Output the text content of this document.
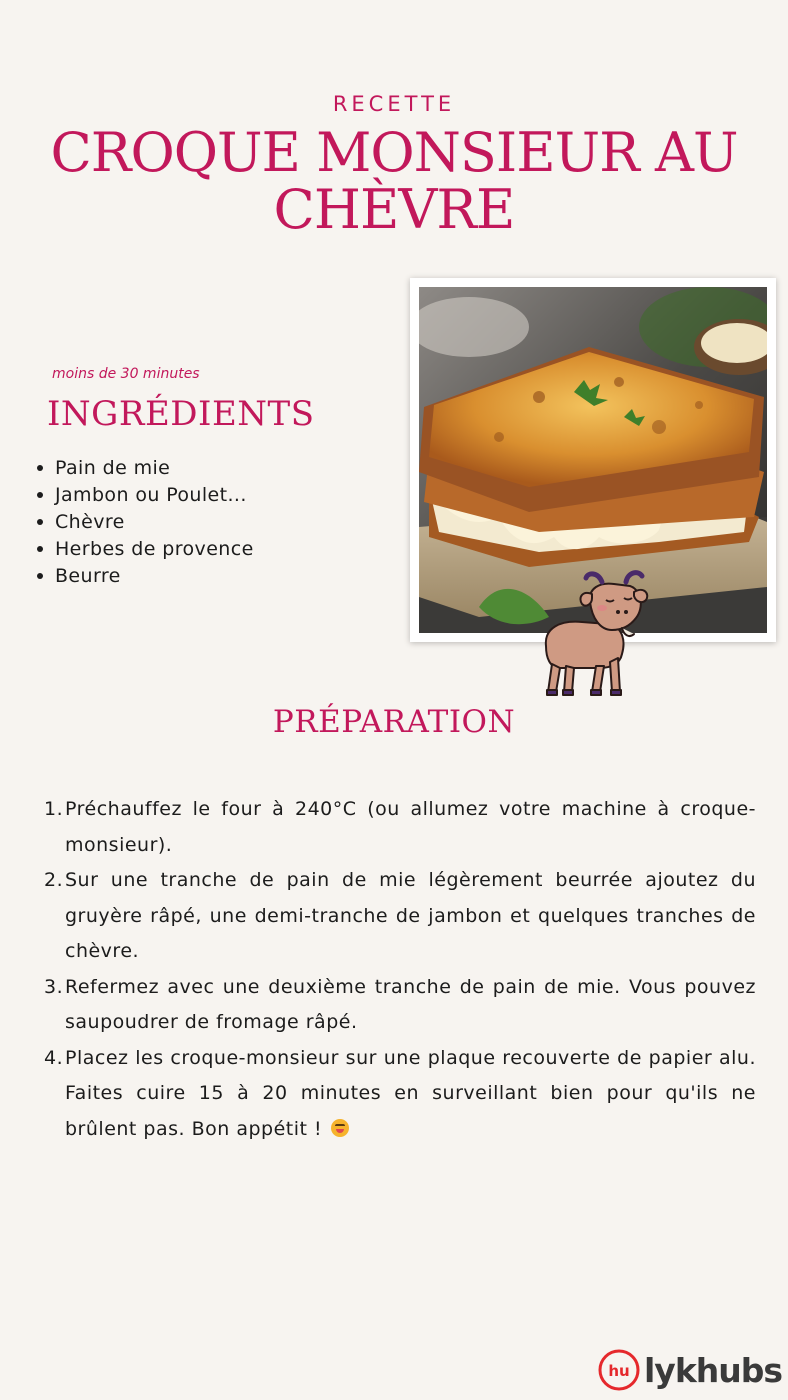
RECETTE
CROQUE MONSIEUR AU CHÈVRE
moins de 30 minutes
INGRÉDIENTS
Pain de mie
Jambon ou Poulet...
Chèvre
Herbes de provence
Beurre
PRÉPARATION
1. Préchauffez le four à 240°C (ou allumez votre machine à croque-monsieur).
2. Sur une tranche de pain de mie légèrement beurrée ajoutez du gruyère râpé, une demi-tranche de jambon et quelques tranches de chèvre.
3. Refermez avec une deuxième tranche de pain de mie. Vous pouvez saupoudrer de fromage râpé.
4. Placez les croque-monsieur sur une plaque recouverte de papier alu. Faites cuire 15 à 20 minutes en surveillant bien pour qu'ils ne brûlent pas. Bon appétit !
hu lykhubs
